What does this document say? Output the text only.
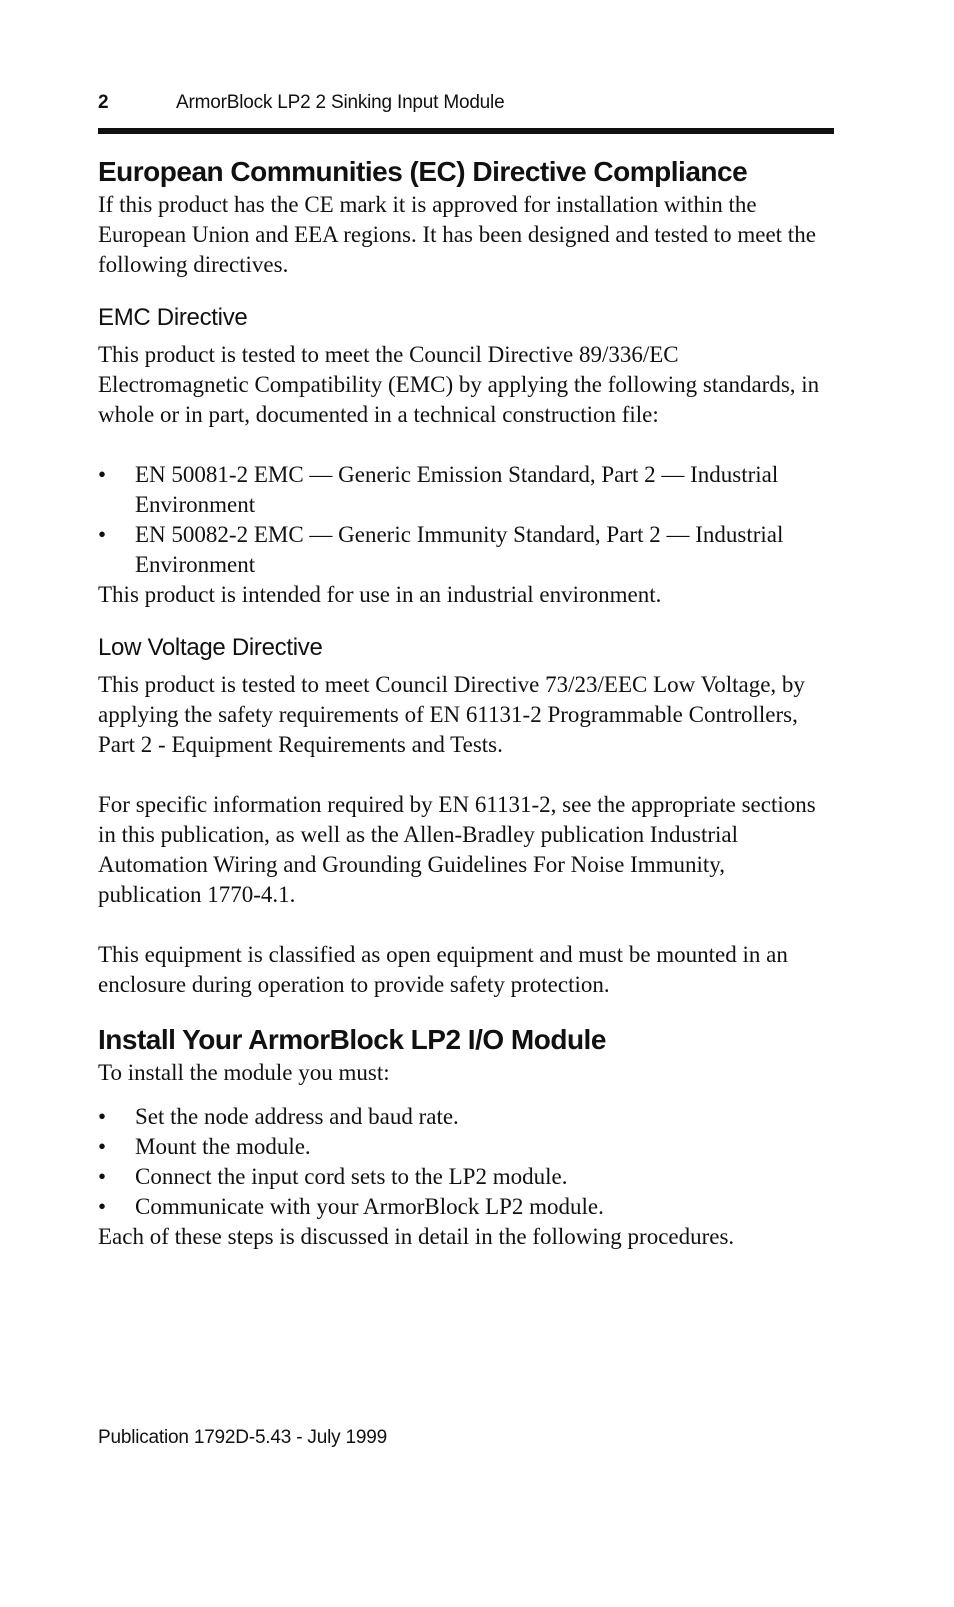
2	ArmorBlock LP2 2 Sinking Input Module
European Communities (EC) Directive Compliance

If this product has the CE mark it is approved for installation within the European Union and EEA regions. It has been designed and tested to meet the following directives.

EMC Directive

This product is tested to meet the Council Directive 89/336/EC Electromagnetic Compatibility (EMC) by applying the following standards, in whole or in part, documented in a technical construction file:

• EN 50081-2 EMC — Generic Emission Standard, Part 2 — Industrial Environment
• EN 50082-2 EMC — Generic Immunity Standard, Part 2 — Industrial Environment

This product is intended for use in an industrial environment.

Low Voltage Directive

This product is tested to meet Council Directive 73/23/EEC Low Voltage, by applying the safety requirements of EN 61131-2 Programmable Controllers, Part 2 - Equipment Requirements and Tests.

For specific information required by EN 61131-2, see the appropriate sections in this publication, as well as the Allen-Bradley publication Industrial Automation Wiring and Grounding Guidelines For Noise Immunity, publication 1770-4.1.

This equipment is classified as open equipment and must be mounted in an enclosure during operation to provide safety protection.

Install Your ArmorBlock LP2 I/O Module

To install the module you must:

• Set the node address and baud rate.
• Mount the module.
• Connect the input cord sets to the LP2 module.
• Communicate with your ArmorBlock LP2 module.

Each of these steps is discussed in detail in the following procedures.

Publication 1792D-5.43 - July 1999
